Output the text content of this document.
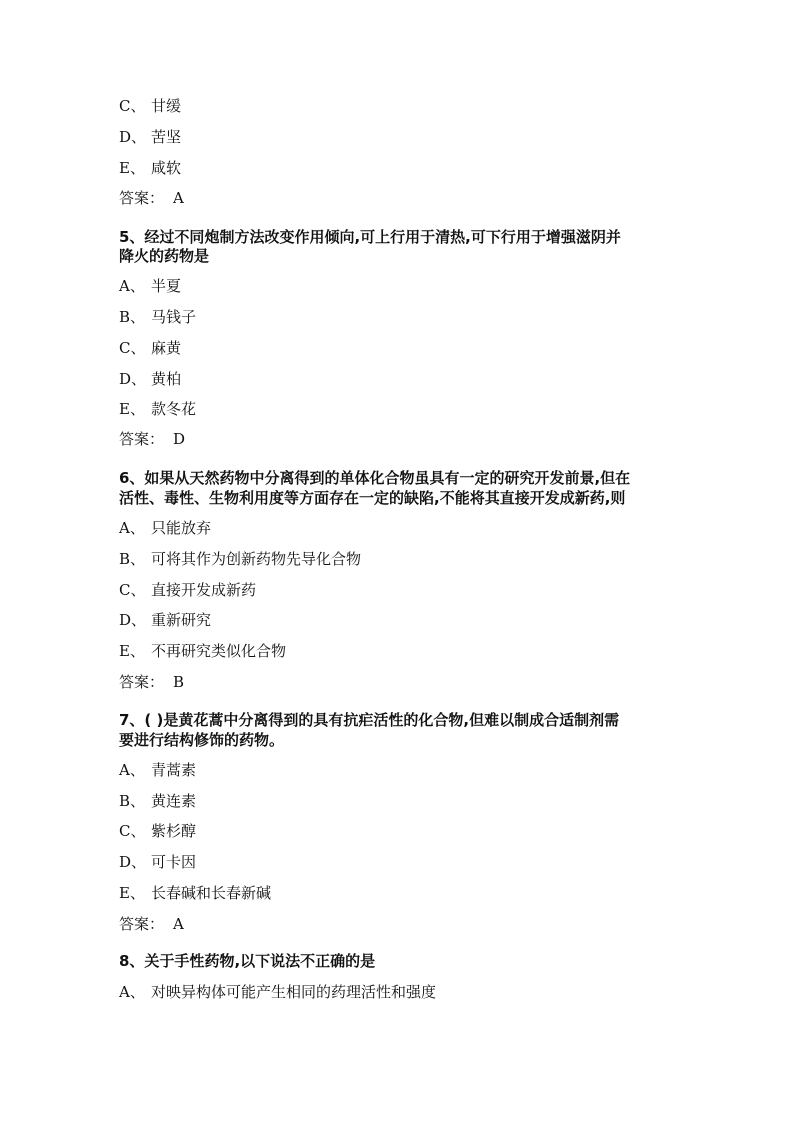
C、 甘缓
D、 苦坚
E、 咸软
答案： A
5、经过不同炮制方法改变作用倾向,可上行用于清热,可下行用于增强滋阴并
降火的药物是
A、 半夏
B、 马钱子
C、 麻黄
D、 黄柏
E、 款冬花
答案： D
6、如果从天然药物中分离得到的单体化合物虽具有一定的研究开发前景,但在
活性、毒性、生物利用度等方面存在一定的缺陷,不能将其直接开发成新药,则
A、 只能放弃
B、 可将其作为创新药物先导化合物
C、 直接开发成新药
D、 重新研究
E、 不再研究类似化合物
答案： B
7、( )是黄花蒿中分离得到的具有抗疟活性的化合物,但难以制成合适制剂需
要进行结构修饰的药物。
A、 青蒿素
B、 黄连素
C、 紫杉醇
D、 可卡因
E、 长春碱和长春新碱
答案： A
8、关于手性药物,以下说法不正确的是
A、 对映异构体可能产生相同的药理活性和强度
